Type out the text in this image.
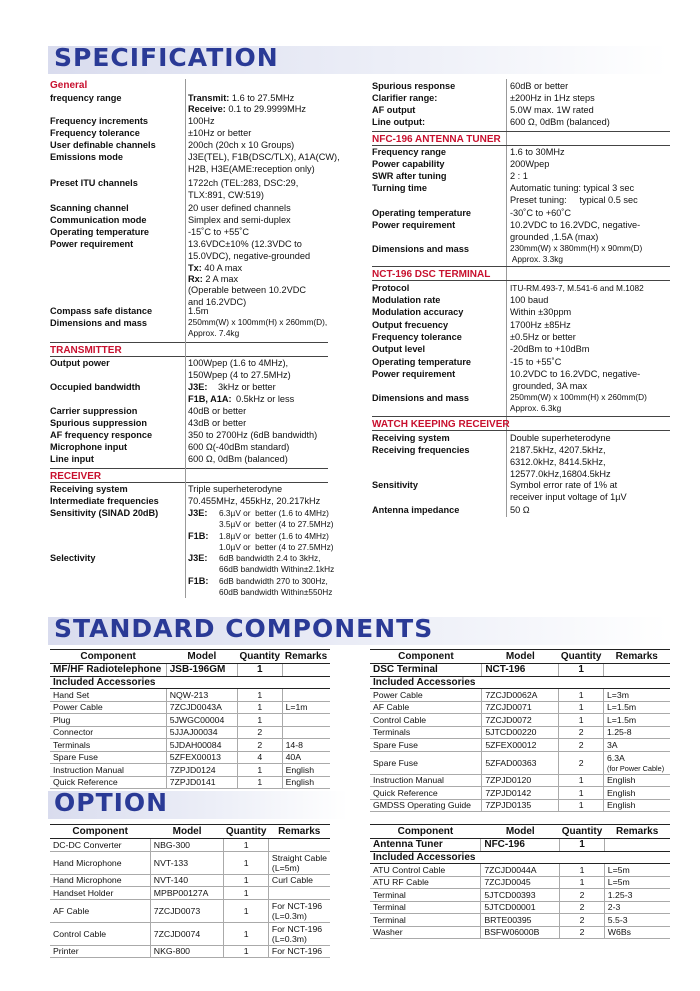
SPECIFICATION
General
frequency range	Transmit: 1.6 to 27.5MHz
Receive: 0.1 to 29.9999MHz
Frequency increments	100Hz
Frequency tolerance	±10Hz or better
User definable channels	200ch (20ch x 10 Groups)
Emissions mode	J3E(TEL), F1B(DSC/TLX), A1A(CW),
H2B, H3E(AME:reception only)
Preset ITU channels	1722ch (TEL:283, DSC:29,
TLX:891, CW:519)
Scanning channel	20 user defined channels
Communication mode	Simplex and semi-duplex
Operating temperature	-15˚C to +55˚C
Power requirement	13.6VDC±10% (12.3VDC to
15.0VDC), negative-grounded
Tx: 40 A max
Rx: 2 A max
(Operable between 10.2VDC
and 16.2VDC)
Compass safe distance	1.5m
Dimensions and mass	250mm(W) x 100mm(H) x 260mm(D),
Approx. 7.4kg
TRANSMITTER
Output power	100Wpep (1.6 to 4MHz),
150Wpep (4 to 27.5MHz)
Occupied bandwidth	J3E: 3kHz or better
F1B, A1A: 0.5kHz or less
Carrier suppression	40dB or better
Spurious suppression	43dB or better
AF frequency responce	350 to 2700Hz (6dB bandwidth)
Microphone input	600 Ω(-40dBm standard)
Line input	600 Ω, 0dBm (balanced)
RECEIVER
Receiving system	Triple superheterodyne
Intermediate frequencies	70.455MHz, 455kHz, 20.217kHz
Sensitivity (SINAD 20dB)	J3E: 6.3µV or  better (1.6 to 4MHz)
3.5µV or  better (4 to 27.5MHz)
F1B: 1.8µV or  better (1.6 to 4MHz)
1.0µV or  better (4 to 27.5MHz)
Selectivity	J3E: 6dB bandwidth 2.4 to 3kHz,
66dB bandwidth Within±2.1kHz
F1B: 6dB bandwidth 270 to 300Hz,
60dB bandwidth Within±550Hz
Spurious response	60dB or better
Clarifier range:	±200Hz in 1Hz steps
AF output	5.0W max. 1W rated
Line output:	600 Ω, 0dBm (balanced)
NFC-196 ANTENNA TUNER
Frequency range	1.6 to 30MHz
Power capability	200Wpep
SWR after tuning	2 : 1
Turning time	Automatic tuning: typical 3 sec
Preset tuning:     typical 0.5 sec
Operating temperature	-30˚C to +60˚C
Power requirement	10.2VDC to 16.2VDC, negative-
grounded ,1.5A (max)
Dimensions and mass	230mm(W) x 380mm(H) x 90mm(D)
Approx. 3.3kg
NCT-196 DSC TERMINAL
Protocol	ITU-RM.493-7, M.541-6 and M.1082
Modulation rate	100 baud
Modulation accuracy	Within ±30ppm
Output frecuency	1700Hz ±85Hz
Frequency tolerance	±0.5Hz or better
Output level	-20dBm to +10dBm
Operating temperature	-15 to +55˚C
Power requirement	10.2VDC to 16.2VDC, negative-
grounded, 3A max
Dimensions and mass	250mm(W) x 100mm(H) x 260mm(D)
Approx. 6.3kg
WATCH KEEPING RECEIVER
Receiving system	Double superheterodyne
Receiving frequencies	2187.5kHz, 4207.5kHz,
6312.0kHz, 8414.5kHz,
12577.0kHz,16804.5kHz
Sensitivity	Symbol error rate of 1% at
receiver input voltage of 1µV
Antenna impedance	50 Ω
STANDARD COMPONENTS
Component	Model	Quantity	Remarks
MF/HF Radiotelephone	JSB-196GM	1	
Included Accessories			
Hand Set	NQW-213	1	
Power Cable	7ZCJD0043A	1	L=1m
Plug	5JWGC00004	1	
Connector	5JJAJ00034	2	
Terminals	5JDAH00084	2	14-8
Spare Fuse	5ZFEX00013	4	40A
Instruction Manual	7ZPJD0124	1	English
Quick Reference	7ZPJD0141	1	English
Component	Model	Quantity	Remarks
DSC Terminal	NCT-196	1	
Included Accessories			
Power Cable	7ZCJD0062A	1	L=3m
AF Cable	7ZCJD0071	1	L=1.5m
Control Cable	7ZCJD0072	1	L=1.5m
Terminals	5JTCD00220	2	1.25-8
Spare Fuse	5ZFEX00012	2	3A
Spare Fuse	5ZFAD00363	2	6.3A
(for Power Cable)
Instruction Manual	7ZPJD0120	1	English
Quick Reference	7ZPJD0142	1	English
GMDSS Operating Guide	7ZPJD0135	1	English
OPTION
Component	Model	Quantity	Remarks
DC-DC Converter	NBG-300	1	
Hand Microphone	NVT-133	1	Straight Cable
(L=5m)
Hand Microphone	NVT-140	1	Curl Cable
Handset Holder	MPBP00127A	1	
AF Cable	7ZCJD0073	1	For NCT-196
(L=0.3m)
Control Cable	7ZCJD0074	1	For NCT-196
(L=0.3m)
Printer	NKG-800	1	For NCT-196
Component	Model	Quantity	Remarks
Antenna Tuner	NFC-196	1	
Included Accessories			
ATU Control Cable	7ZCJD0044A	1	L=5m
ATU RF Cable	7ZCJD0045	1	L=5m
Terminal	5JTCD00393	2	1.25-3
Terminal	5JTCD00001	2	2-3
Terminal	BRTE00395	2	5.5-3
Washer	BSFW06000B	2	W6Bs
